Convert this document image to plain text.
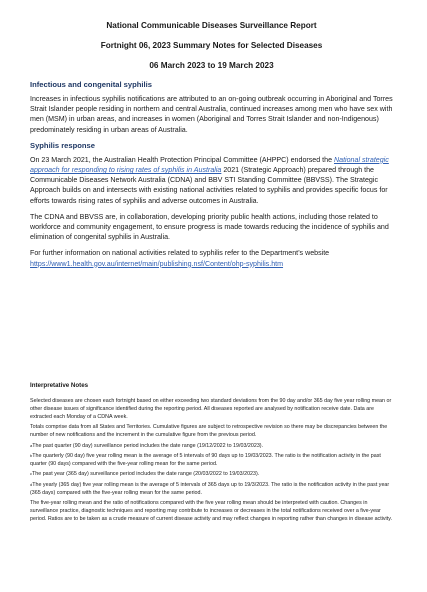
National Communicable Diseases Surveillance Report
Fortnight 06, 2023 Summary Notes for Selected Diseases
06 March 2023 to 19 March 2023
Infectious and congenital syphilis

Increases in infectious syphilis notifications are attributed to an on-going outbreak occurring in Aboriginal and Torres Strait Islander people residing in northern and central Australia, continued increases among men who have sex with men (MSM) in urban areas, and increases in women (Aboriginal and Torres Strait Islander and non-Indigenous) predominately residing in urban areas of Australia.

Syphilis response

On 23 March 2021, the Australian Health Protection Principal Committee (AHPPC) endorsed the National strategic approach for responding to rising rates of syphilis in Australia 2021 (Strategic Approach) prepared through the Communicable Diseases Network Australia (CDNA) and BBV STI Standing Committee (BBVSS). The Strategic Approach builds on and intersects with existing national activities related to syphilis and provides specific focus for efforts towards rising rates of syphilis and adverse outcomes in Australia.

The CDNA and BBVSS are, in collaboration, developing priority public health actions, including those related to workforce and community engagement, to ensure progress is made towards reducing the incidence of syphilis and elimination of congenital syphilis in Australia.

For further information on national activities related to syphilis refer to the Department’s website
https://www1.health.gov.au/internet/main/publishing.nsf/Content/ohp-syphilis.htm

Interpretative Notes

Selected diseases are chosen each fortnight based on either exceeding two standard deviations from the 90 day and/or 365 day five year rolling mean or other disease issues of significance identified during the reporting period. All diseases reported are analysed by notification receive date. Data are extracted each Monday of a CDNA week.

Totals comprise data from all States and Territories. Cumulative figures are subject to retrospective revision so there may be discrepancies between the number of new notifications and the increment in the cumulative figure from the previous period.

$^a$The past quarter (90 day) surveillance period includes the date range (19/12/2022 to 19/03/2023).

$^b$The quarterly (90 day) five year rolling mean is the average of 5 intervals of 90 days up to 19/03/2023. The ratio is the notification activity in the past quarter (90 days) compared with the five-year rolling mean for the same period.

$^c$The past year (365 day) surveillance period includes the date range (20/03/2022 to 19/03/2023).

$^d$The yearly (365 day) five year rolling mean is the average of 5 intervals of 365 days up to 19/3/2023. The ratio is the notification activity in the past year (365 days) compared with the five-year rolling mean for the same period.

The five-year rolling mean and the ratio of notifications compared with the five year rolling mean should be interpreted with caution. Changes in surveillance practice, diagnostic techniques and reporting may contribute to increases or decreases in the total notifications received over a five-year period. Ratios are to be taken as a crude measure of current disease activity and may reflect changes in reporting rather than changes in disease activity.
